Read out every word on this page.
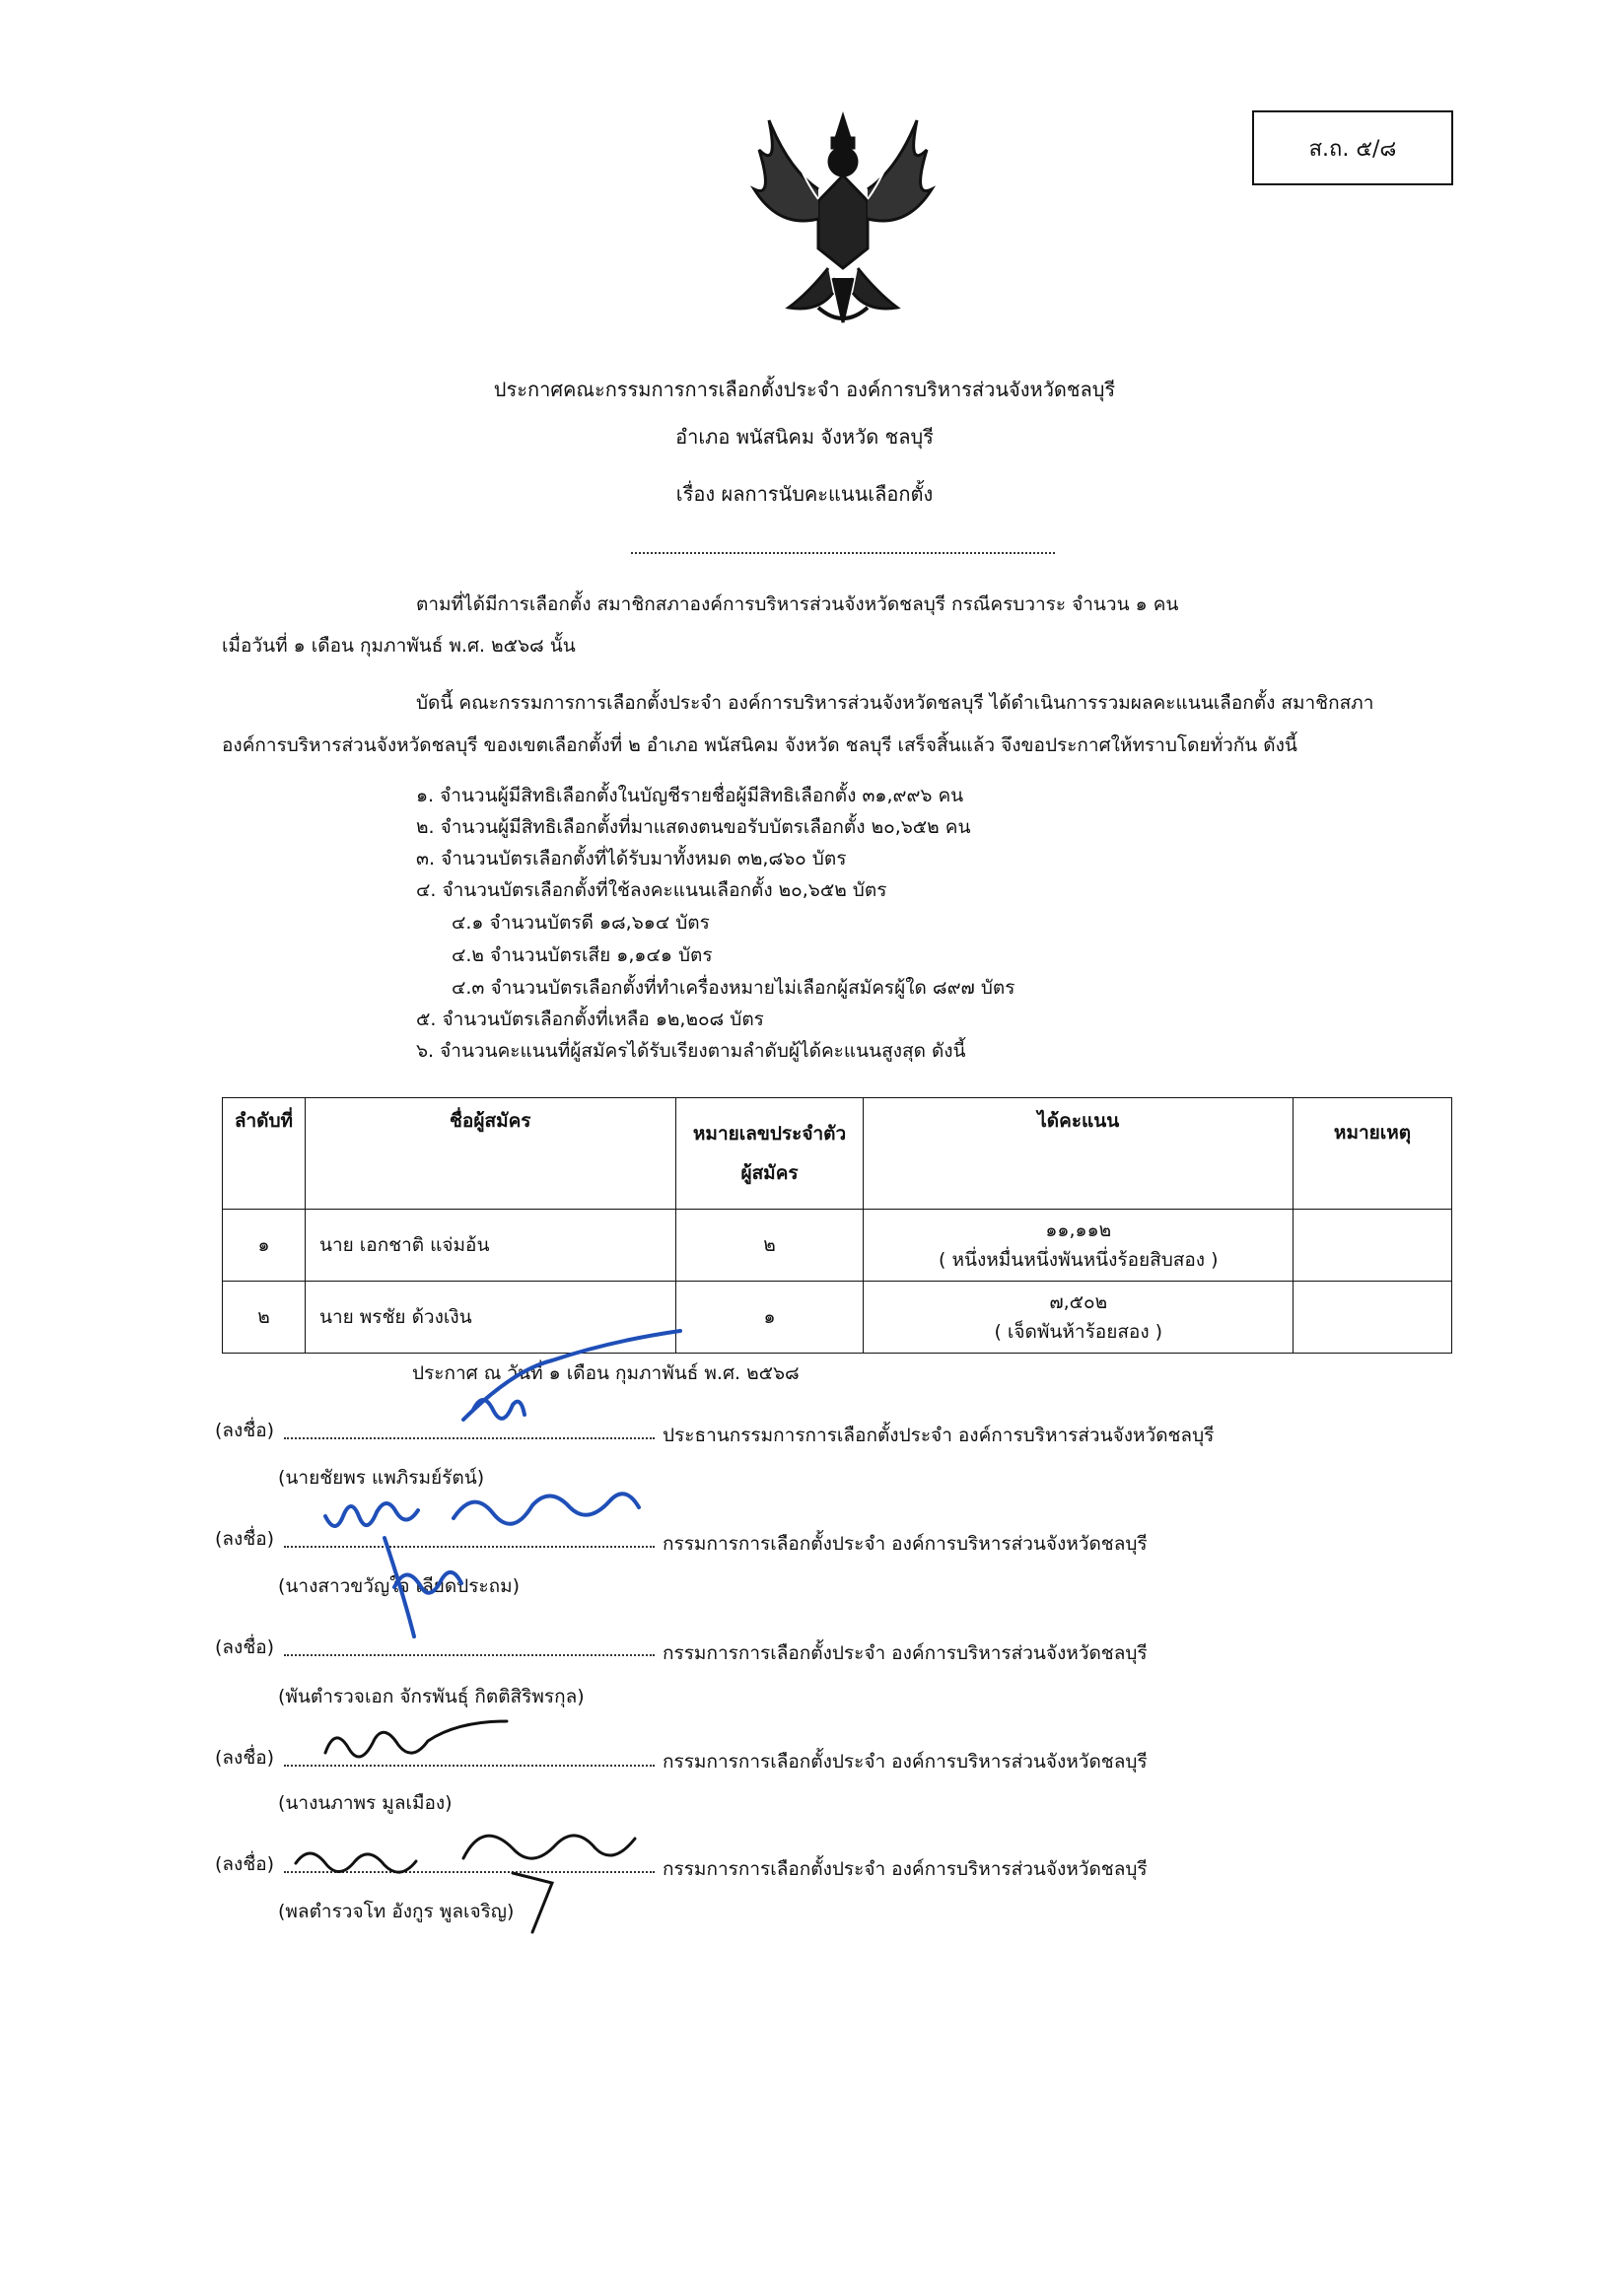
ส.ถ. ๕/๘
ประกาศคณะกรรมการการเลือกตั้งประจำ องค์การบริหารส่วนจังหวัดชลบุรี
อำเภอ พนัสนิคม จังหวัด ชลบุรี
เรื่อง ผลการนับคะแนนเลือกตั้ง
ตามที่ได้มีการเลือกตั้ง สมาชิกสภาองค์การบริหารส่วนจังหวัดชลบุรี กรณีครบวาระ จำนวน ๑ คน
เมื่อวันที่ ๑ เดือน กุมภาพันธ์ พ.ศ. ๒๕๖๘ นั้น
บัดนี้ คณะกรรมการการเลือกตั้งประจำ องค์การบริหารส่วนจังหวัดชลบุรี ได้ดำเนินการรวมผลคะแนนเลือกตั้ง สมาชิกสภา
องค์การบริหารส่วนจังหวัดชลบุรี ของเขตเลือกตั้งที่ ๒ อำเภอ พนัสนิคม จังหวัด ชลบุรี เสร็จสิ้นแล้ว จึงขอประกาศให้ทราบโดยทั่วกัน ดังนี้
๑. จำนวนผู้มีสิทธิเลือกตั้งในบัญชีรายชื่อผู้มีสิทธิเลือกตั้ง ๓๑,๙๙๖ คน
๒. จำนวนผู้มีสิทธิเลือกตั้งที่มาแสดงตนขอรับบัตรเลือกตั้ง ๒๐,๖๕๒ คน
๓. จำนวนบัตรเลือกตั้งที่ได้รับมาทั้งหมด ๓๒,๘๖๐ บัตร
๔. จำนวนบัตรเลือกตั้งที่ใช้ลงคะแนนเลือกตั้ง ๒๐,๖๕๒ บัตร
๔.๑ จำนวนบัตรดี ๑๘,๖๑๔ บัตร
๔.๒ จำนวนบัตรเสีย ๑,๑๔๑ บัตร
๔.๓ จำนวนบัตรเลือกตั้งที่ทำเครื่องหมายไม่เลือกผู้สมัครผู้ใด ๘๙๗ บัตร
๕. จำนวนบัตรเลือกตั้งที่เหลือ ๑๒,๒๐๘ บัตร
๖. จำนวนคะแนนที่ผู้สมัครได้รับเรียงตามลำดับผู้ได้คะแนนสูงสุด ดังนี้
ลำดับที่	ชื่อผู้สมัคร	หมายเลขประจำตัว
ผู้สมัคร	ได้คะแนน	หมายเหตุ
๑	นาย เอกชาติ แจ่มอ้น	๒	๑๑,๑๑๒
( หนึ่งหมื่นหนึ่งพันหนึ่งร้อยสิบสอง )	

๒	นาย พรชัย ด้วงเงิน	๑	๗,๕๐๒
( เจ็ดพันห้าร้อยสอง )	

ประกาศ ณ วันที่ ๑ เดือน กุมภาพันธ์ พ.ศ. ๒๕๖๘
(ลงชื่อ)	ประธานกรรมการการเลือกตั้งประจำ องค์การบริหารส่วนจังหวัดชลบุรี
(นายชัยพร แพภิรมย์รัตน์)
(ลงชื่อ)	กรรมการการเลือกตั้งประจำ องค์การบริหารส่วนจังหวัดชลบุรี
(นางสาวขวัญใจ เลียดประถม)
(ลงชื่อ)	กรรมการการเลือกตั้งประจำ องค์การบริหารส่วนจังหวัดชลบุรี
(พันตำรวจเอก จักรพันธุ์ กิตติสิริพรกุล)
(ลงชื่อ)	กรรมการการเลือกตั้งประจำ องค์การบริหารส่วนจังหวัดชลบุรี
(นางนภาพร มูลเมือง)
(ลงชื่อ)	กรรมการการเลือกตั้งประจำ องค์การบริหารส่วนจังหวัดชลบุรี
(พลตำรวจโท อังกูร พูลเจริญ)
